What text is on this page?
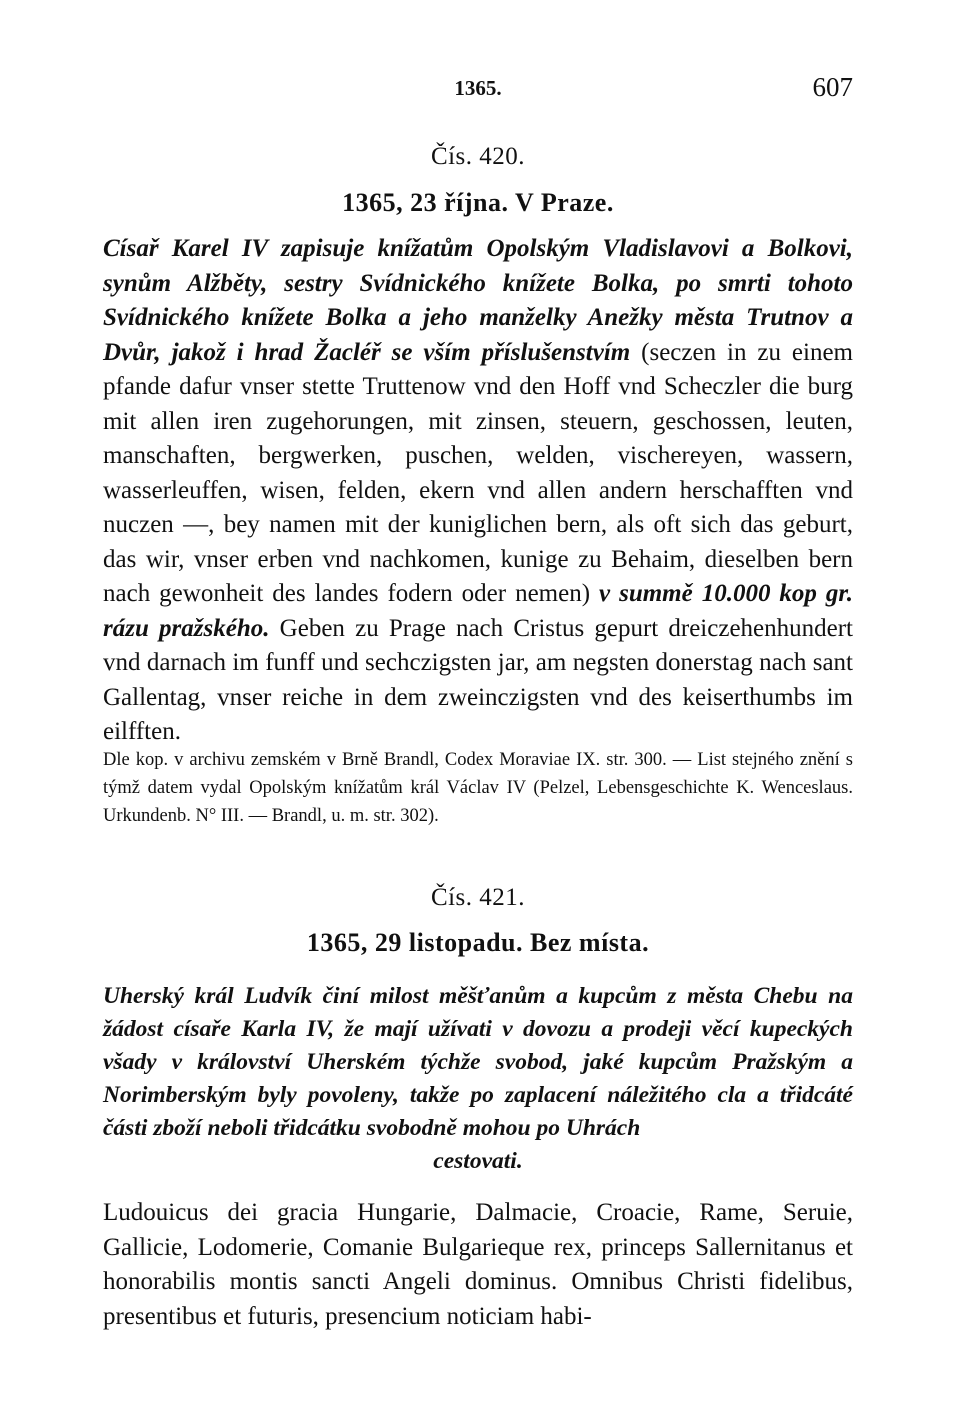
1365.	607
Čís. 420.
1365, 23 října. V Praze.
Císař Karel IV zapisuje knížatům Opolským Vladislavovi a Bolkovi, synům Alžběty, sestry Svídnického knížete Bolka, po smrti tohoto Svídnického knížete Bolka a jeho manželky Anežky města Trutnov a Dvůr, jakož i hrad Žacléř se vším příslušenstvím (seczen in zu einem pfande dafur vnser stette Truttenow vnd den Hoff vnd Scheczler die burg mit allen iren zugehorungen, mit zinsen, steuern, geschossen, leuten, manschaften, bergwerken, puschen, welden, vischereyen, wassern, wasserleuffen, wisen, felden, ekern vnd allen andern herschafften vnd nuczen —, bey namen mit der kuniglichen bern, als oft sich das geburt, das wir, vnser erben vnd nachkomen, kunige zu Behaim, dieselben bern nach gewonheit des landes fodern oder nemen) v summě 10.000 kop gr. rázu pražského. Geben zu Prage nach Cristus gepurt dreiczehenhundert vnd darnach im funff und sechczigsten jar, am negsten donerstag nach sant Gallentag, vnser reiche in dem zweinczigsten vnd des keiserthumbs im eilfften.
Dle kop. v archivu zemském v Brně Brandl, Codex Moraviae IX. str. 300. — List stejného znění s týmž datem vydal Opolským knížatům král Václav IV (Pelzel, Lebensgeschichte K. Wenceslaus. Urkundenb. N° III. — Brandl, u. m. str. 302).
Čís. 421.
1365, 29 listopadu. Bez místa.
Uherský král Ludvík činí milost měšťanům a kupcům z města Chebu na žádost císaře Karla IV, že mají užívati v dovozu a prodeji věcí kupeckých všady v království Uherském týchže svobod, jaké kupcům Pražským a Norimberským byly povoleny, takže po zaplacení náležitého cla a třidcáté části zboží neboli třidcátku svobodně mohou po Uhrách
cestovati.
Ludouicus dei gracia Hungarie, Dalmacie, Croacie, Rame, Seruie, Gallicie, Lodomerie, Comanie Bulgarieque rex, princeps Sallernitanus et honorabilis montis sancti Angeli dominus. Omnibus Christi fidelibus, presentibus et futuris, presencium noticiam habi-
